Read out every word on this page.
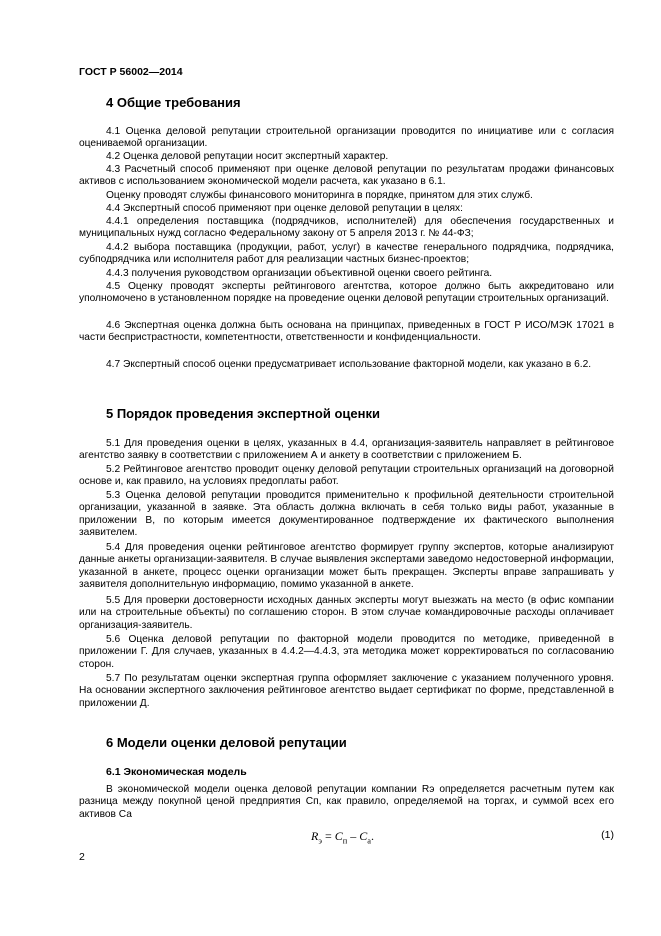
ГОСТ Р 56002—2014
4 Общие требования
4.1 Оценка деловой репутации строительной организации проводится по инициативе или с согласия оцениваемой организации.
4.2 Оценка деловой репутации носит экспертный характер.
4.3 Расчетный способ применяют при оценке деловой репутации по результатам продажи финансовых активов с использованием экономической модели расчета, как указано в 6.1.
Оценку проводят службы финансового мониторинга в порядке, принятом для этих служб.
4.4 Экспертный способ применяют при оценке деловой репутации в целях:
4.4.1 определения поставщика (подрядчиков, исполнителей) для обеспечения государственных и муниципальных нужд согласно Федеральному закону от 5 апреля 2013 г. № 44-ФЗ;
4.4.2 выбора поставщика (продукции, работ, услуг) в качестве генерального подрядчика, подрядчика, субподрядчика или исполнителя работ для реализации частных бизнес-проектов;
4.4.3 получения руководством организации объективной оценки своего рейтинга.
4.5 Оценку проводят эксперты рейтингового агентства, которое должно быть аккредитовано или уполномочено в установленном порядке на проведение оценки деловой репутации строительных организаций.
4.6 Экспертная оценка должна быть основана на принципах, приведенных в ГОСТ Р ИСО/МЭК 17021 в части беспристрастности, компетентности, ответственности и конфиденциальности.
4.7 Экспертный способ оценки предусматривает использование факторной модели, как указано в 6.2.
5 Порядок проведения экспертной оценки
5.1 Для проведения оценки в целях, указанных в 4.4, организация-заявитель направляет в рейтинговое агентство заявку в соответствии с приложением А и анкету в соответствии с приложением Б.
5.2 Рейтинговое агентство проводит оценку деловой репутации строительных организаций на договорной основе и, как правило, на условиях предоплаты работ.
5.3 Оценка деловой репутации проводится применительно к профильной деятельности строительной организации, указанной в заявке. Эта область должна включать в себя только виды работ, указанные в приложении В, по которым имеется документированное подтверждение их фактического выполнения заявителем.
5.4 Для проведения оценки рейтинговое агентство формирует группу экспертов, которые анализируют данные анкеты организации-заявителя. В случае выявления экспертами заведомо недостоверной информации, указанной в анкете, процесс оценки организации может быть прекращен. Эксперты вправе запрашивать у заявителя дополнительную информацию, помимо указанной в анкете.
5.5 Для проверки достоверности исходных данных эксперты могут выезжать на место (в офис компании или на строительные объекты) по соглашению сторон. В этом случае командировочные расходы оплачивает организация-заявитель.
5.6 Оценка деловой репутации по факторной модели проводится по методике, приведенной в приложении Г. Для случаев, указанных в 4.4.2—4.4.3, эта методика может корректироваться по согласованию сторон.
5.7 По результатам оценки экспертная группа оформляет заключение с указанием полученного уровня. На основании экспертного заключения рейтинговое агентство выдает сертификат по форме, представленной в приложении Д.
6 Модели оценки деловой репутации
6.1 Экономическая модель
В экономической модели оценка деловой репутации компании Rэ определяется расчетным путем как разница между покупной ценой предприятия Сп, как правило, определяемой на торгах, и суммой всех его активов Са
$R_э = C_п - C_а$.	(1)
2
